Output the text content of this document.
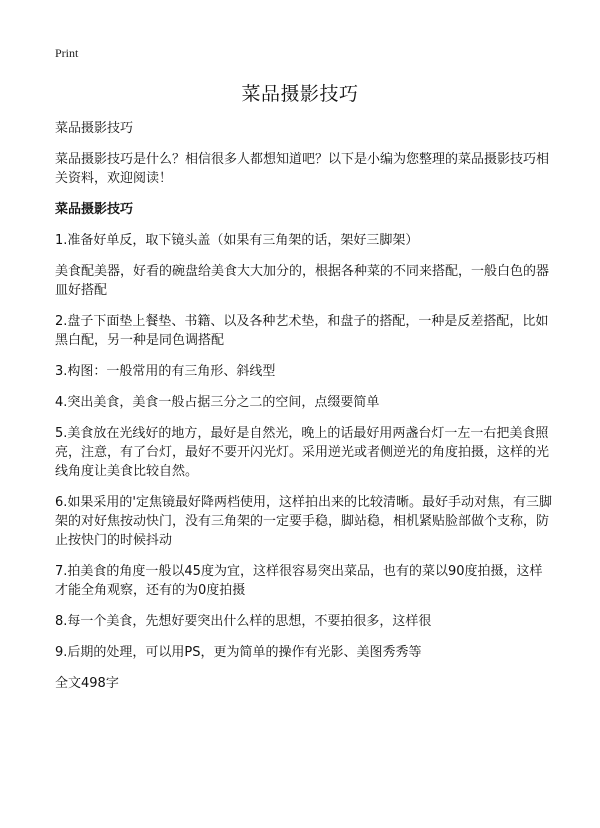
Print
菜品摄影技巧

菜品摄影技巧

菜品摄影技巧是什么？相信很多人都想知道吧？以下是小编为您整理的菜品摄影技巧相关资料，欢迎阅读！

菜品摄影技巧
1.准备好单反，取下镜头盖（如果有三角架的话，架好三脚架）
美食配美器，好看的碗盘给美食大大加分的，根据各种菜的不同来搭配，一般白色的器皿好搭配
2.盘子下面垫上餐垫、书籍、以及各种艺术垫，和盘子的搭配，一种是反差搭配，比如黑白配，另一种是同色调搭配
3.构图：一般常用的有三角形、斜线型
4.突出美食，美食一般占据三分之二的空间，点缀要简单
5.美食放在光线好的地方，最好是自然光，晚上的话最好用两盏台灯一左一右把美食照亮，注意，有了台灯，最好不要开闪光灯。采用逆光或者侧逆光的角度拍摄，这样的光线角度让美食比较自然。
6.如果采用的'定焦镜最好降两档使用，这样拍出来的比较清晰。最好手动对焦，有三脚架的对好焦按动快门，没有三角架的一定要手稳，脚站稳，相机紧贴脸部做个支称，防止按快门的时候抖动
7.拍美食的角度一般以45度为宜，这样很容易突出菜品，也有的菜以90度拍摄，这样才能全角观察，还有的为0度拍摄
8.每一个美食，先想好要突出什么样的思想，不要拍很多，这样很
9.后期的处理，可以用PS，更为简单的操作有光影、美图秀秀等

全文498字
